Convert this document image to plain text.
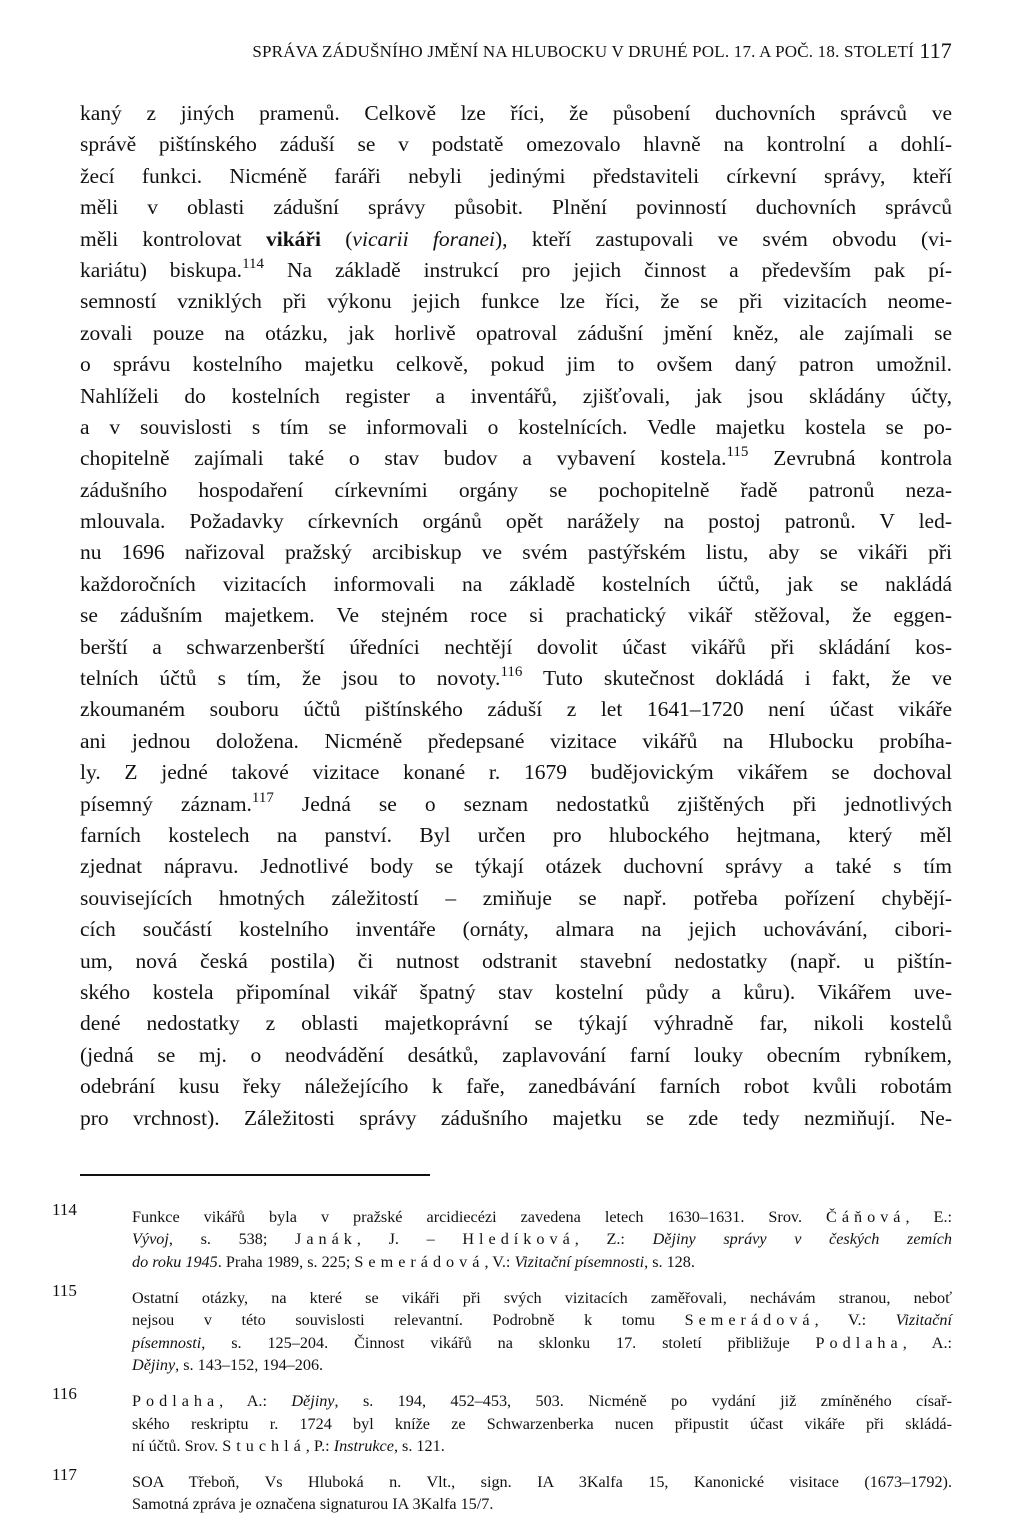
SPRÁVA ZÁDUŠNÍHO JMĚNÍ NA HLUBOCKU V DRUHÉ POL. 17. A POČ. 18. STOLETÍ 117
kaný z jiných pramenů. Celkově lze říci, že působení duchovních správců ve
správě pištínského záduší se v podstatě omezovalo hlavně na kontrolní a dohlí-
žecí funkci. Nicméně faráři nebyli jedinými představiteli církevní správy, kteří
měli v oblasti zádušní správy působit. Plnění povinností duchovních správců
měli kontrolovat vikáři (vicarii foranei), kteří zastupovali ve svém obvodu (vi-
kariátu) biskupa.$^{114}$ Na základě instrukcí pro jejich činnost a především pak pí-
semností vzniklých při výkonu jejich funkce lze říci, že se při vizitacích neome-
zovali pouze na otázku, jak horlivě opatroval zádušní jmění kněz, ale zajímali se
o správu kostelního majetku celkově, pokud jim to ovšem daný patron umožnil.
Nahlíželi do kostelních register a inventářů, zjišťovali, jak jsou skládány účty,
a v souvislosti s tím se informovali o kostelnících. Vedle majetku kostela se po-
chopitelně zajímali také o stav budov a vybavení kostela.$^{115}$ Zevrubná kontrola
zádušního hospodaření církevními orgány se pochopitelně řadě patronů neza-
mlouvala. Požadavky církevních orgánů opět narážely na postoj patronů. V led-
nu 1696 nařizoval pražský arcibiskup ve svém pastýřském listu, aby se vikáři při
každoročních vizitacích informovali na základě kostelních účtů, jak se nakládá
se zádušním majetkem. Ve stejném roce si prachatický vikář stěžoval, že eggen-
berští a schwarzenberští úředníci nechtějí dovolit účast vikářů při skládání kos-
telních účtů s tím, že jsou to novoty.$^{116}$ Tuto skutečnost dokládá i fakt, že ve
zkoumaném souboru účtů pištínského záduší z let 1641–1720 není účast vikáře
ani jednou doložena. Nicméně předepsané vizitace vikářů na Hlubocku probíha-
ly. Z jedné takové vizitace konané r. 1679 budějovickým vikářem se dochoval
písemný záznam.$^{117}$ Jedná se o seznam nedostatků zjištěných při jednotlivých
farních kostelech na panství. Byl určen pro hlubockého hejtmana, který měl
zjednat nápravu. Jednotlivé body se týkají otázek duchovní správy a také s tím
souvisejících hmotných záležitostí – zmiňuje se např. potřeba pořízení chybějí-
cích součástí kostelního inventáře (ornáty, almara na jejich uchovávání, cibori-
um, nová česká postila) či nutnost odstranit stavební nedostatky (např. u pištín-
ského kostela připomínal vikář špatný stav kostelní půdy a kůru). Vikářem uve-
dené nedostatky z oblasti majetkoprávní se týkají výhradně far, nikoli kostelů
(jedná se mj. o neodvádění desátků, zaplavování farní louky obecním rybníkem,
odebrání kusu řeky náležejícího k faře, zanedbávání farních robot kvůli robotám
pro vrchnost). Záležitosti správy zádušního majetku se zde tedy nezmiňují. Ne-
114	Funkce vikářů byla v pražské arcidiecézi zavedena letech 1630–1631. Srov. Čáňová, E.:
Vývoj, s. 538; Janák, J. – Hledíková, Z.: Dějiny správy v českých zemích
do roku 1945. Praha 1989, s. 225; Semerádová, V.: Vizitační písemnosti, s. 128.
115	Ostatní otázky, na které se vikáři při svých vizitacích zaměřovali, nechávám stranou, neboť
nejsou v této souvislosti relevantní. Podrobně k tomu Semerádová, V.: Vizitační
písemnosti, s. 125–204. Činnost vikářů na sklonku 17. století přibližuje Podlaha, A.:
Dějiny, s. 143–152, 194–206.
116	Podlaha, A.: Dějiny, s. 194, 452–453, 503. Nicméně po vydání již zmíněného císař-
ského reskriptu r. 1724 byl kníže ze Schwarzenberka nucen připustit účast vikáře při skládá-
ní účtů. Srov. Stuchlá, P.: Instrukce, s. 121.
117	SOA Třeboň, Vs Hluboká n. Vlt., sign. IA 3Kalfa 15, Kanonické visitace (1673–1792).
Samotná zpráva je označena signaturou IA 3Kalfa 15/7.
